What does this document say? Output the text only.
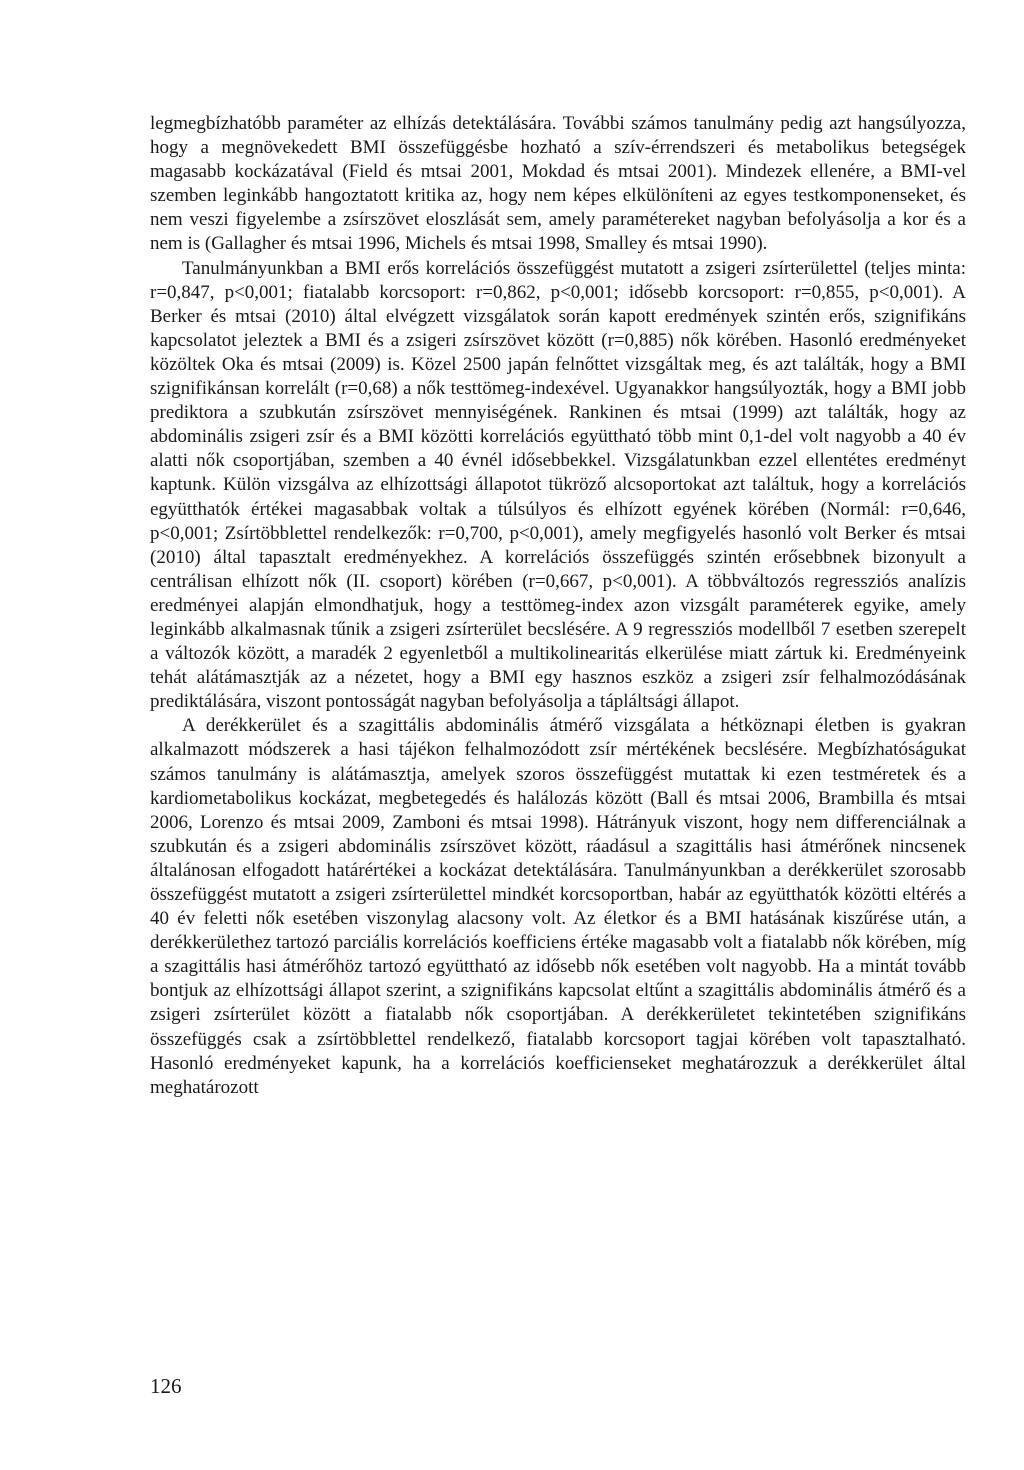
legmegbízhatóbb paraméter az elhízás detektálására. További számos tanulmány pedig azt hangsúlyozza, hogy a megnövekedett BMI összefüggésbe hozható a szív-érrendszeri és metabolikus betegségek magasabb kockázatával (Field és mtsai 2001, Mokdad és mtsai 2001). Mindezek ellenére, a BMI-vel szemben leginkább hangoztatott kritika az, hogy nem képes elkülöníteni az egyes testkomponenseket, és nem veszi figyelembe a zsírszövet eloszlását sem, amely paramétereket nagyban befolyásolja a kor és a nem is (Gallagher és mtsai 1996, Michels és mtsai 1998, Smalley és mtsai 1990).

Tanulmányunkban a BMI erős korrelációs összefüggést mutatott a zsigeri zsírterülettel (teljes minta: r=0,847, p<0,001; fiatalabb korcsoport: r=0,862, p<0,001; idősebb korcsoport: r=0,855, p<0,001). A Berker és mtsai (2010) által elvégzett vizsgálatok során kapott eredmények szintén erős, szignifikáns kapcsolatot jeleztek a BMI és a zsigeri zsírszövet között (r=0,885) nők körében. Hasonló eredményeket közöltek Oka és mtsai (2009) is. Közel 2500 japán felnőttet vizsgáltak meg, és azt találták, hogy a BMI szignifikánsan korrelált (r=0,68) a nők testtömeg-indexével. Ugyanakkor hangsúlyozták, hogy a BMI jobb prediktora a szubkután zsírszövet mennyiségének. Rankinen és mtsai (1999) azt találták, hogy az abdominális zsigeri zsír és a BMI közötti korrelációs együttható több mint 0,1-del volt nagyobb a 40 év alatti nők csoportjában, szemben a 40 évnél idősebbekkel. Vizsgálatunkban ezzel ellentétes eredményt kaptunk. Külön vizsgálva az elhízottsági állapotot tükröző alcsoportokat azt találtuk, hogy a korrelációs együtthatók értékei magasabbak voltak a túlsúlyos és elhízott egyének körében (Normál: r=0,646, p<0,001; Zsírtöbblettel rendelkezők: r=0,700, p<0,001), amely megfigyelés hasonló volt Berker és mtsai (2010) által tapasztalt eredményekhez. A korrelációs összefüggés szintén erősebbnek bizonyult a centrálisan elhízott nők (II. csoport) körében (r=0,667, p<0,001). A többváltozós regressziós analízis eredményei alapján elmondhatjuk, hogy a testtömeg-index azon vizsgált paraméterek egyike, amely leginkább alkalmasnak tűnik a zsigeri zsírterület becslésére. A 9 regressziós modellből 7 esetben szerepelt a változók között, a maradék 2 egyenletből a multikolinearitás elkerülése miatt zártuk ki. Eredményeink tehát alátámasztják az a nézetet, hogy a BMI egy hasznos eszköz a zsigeri zsír felhalmozódásának prediktálására, viszont pontosságát nagyban befolyásolja a tápláltsági állapot.

A derékkerület és a szagittális abdominális átmérő vizsgálata a hétköznapi életben is gyakran alkalmazott módszerek a hasi tájékon felhalmozódott zsír mértékének becslésére. Megbízhatóságukat számos tanulmány is alátámasztja, amelyek szoros összefüggést mutattak ki ezen testméretek és a kardiometabolikus kockázat, megbetegedés és halálozás között (Ball és mtsai 2006, Brambilla és mtsai 2006, Lorenzo és mtsai 2009, Zamboni és mtsai 1998). Hátrányuk viszont, hogy nem differenciálnak a szubkután és a zsigeri abdominális zsírszövet között, ráadásul a szagittális hasi átmérőnek nincsenek általánosan elfogadott határértékei a kockázat detektálására. Tanulmányunkban a derékkerület szorosabb összefüggést mutatott a zsigeri zsírterülettel mindkét korcsoportban, habár az együtthatók közötti eltérés a 40 év feletti nők esetében viszonylag alacsony volt. Az életkor és a BMI hatásának kiszűrése után, a derékkerülethez tartozó parciális korrelációs koefficiens értéke magasabb volt a fiatalabb nők körében, míg a szagittális hasi átmérőhöz tartozó együttható az idősebb nők esetében volt nagyobb. Ha a mintát tovább bontjuk az elhízottsági állapot szerint, a szignifikáns kapcsolat eltűnt a szagittális abdominális átmérő és a zsigeri zsírterület között a fiatalabb nők csoportjában. A derékkerületet tekintetében szignifikáns összefüggés csak a zsírtöbblettel rendelkező, fiatalabb korcsoport tagjai körében volt tapasztalható. Hasonló eredményeket kapunk, ha a korrelációs koefficienseket meghatározzuk a derékkerület által meghatározott

126
